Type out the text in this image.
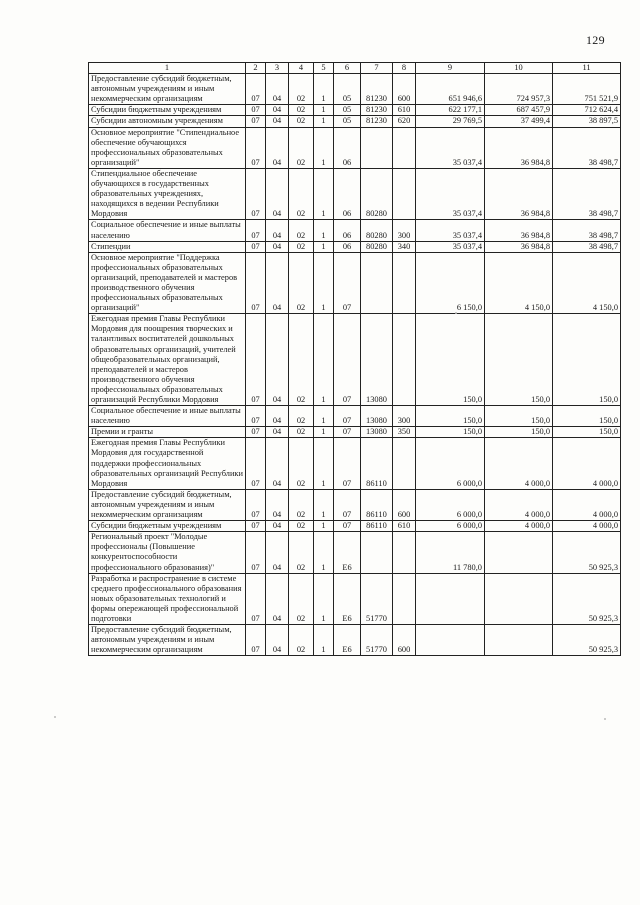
129
1	2	3	4	5	6	7	8	9	10	11
Предоставление субсидий бюджетным, автономным учреждениям и иным некоммерческим организациям	07	04	02	1	05	81230	600	651 946,6	724 957,3	751 521,9
Субсидии бюджетным учреждениям	07	04	02	1	05	81230	610	622 177,1	687 457,9	712 624,4
Субсидии автономным учреждениям	07	04	02	1	05	81230	620	29 769,5	37 499,4	38 897,5
Основное мероприятие "Стипендиальное обеспечение обучающихся профессиональных образовательных организаций"	07	04	02	1	06			35 037,4	36 984,8	38 498,7
Стипендиальное обеспечение обучающихся в государственных образовательных учреждениях, находящихся в ведении Республики Мордовия	07	04	02	1	06	80280		35 037,4	36 984,8	38 498,7
Социальное обеспечение и иные выплаты населению	07	04	02	1	06	80280	300	35 037,4	36 984,8	38 498,7
Стипендии	07	04	02	1	06	80280	340	35 037,4	36 984,8	38 498,7
Основное мероприятие "Поддержка профессиональных образовательных организаций, преподавателей и мастеров производственного обучения профессиональных образовательных организаций"	07	04	02	1	07			6 150,0	4 150,0	4 150,0
Ежегодная премия Главы Республики Мордовия для поощрения творческих и талантливых воспитателей дошкольных образовательных организаций, учителей общеобразовательных организаций, преподавателей и мастеров производственного обучения профессиональных образовательных организаций Республики Мордовия	07	04	02	1	07	13080		150,0	150,0	150,0
Социальное обеспечение и иные выплаты населению	07	04	02	1	07	13080	300	150,0	150,0	150,0
Премии и гранты	07	04	02	1	07	13080	350	150,0	150,0	150,0
Ежегодная премия Главы Республики Мордовия для государственной поддержки профессиональных образовательных организаций Республики Мордовия	07	04	02	1	07	86110		6 000,0	4 000,0	4 000,0
Предоставление субсидий бюджетным, автономным учреждениям и иным некоммерческим организациям	07	04	02	1	07	86110	600	6 000,0	4 000,0	4 000,0
Субсидии бюджетным учреждениям	07	04	02	1	07	86110	610	6 000,0	4 000,0	4 000,0
Региональный проект "Молодые профессионалы (Повышение конкурентоспособности профессионального образования)"	07	04	02	1	E6			11 780,0		50 925,3
Разработка и распространение в системе среднего профессионального образования новых образовательных технологий и формы опережающей профессиональной подготовки	07	04	02	1	E6	51770				50 925,3
Предоставление субсидий бюджетным, автономным учреждениям и иным некоммерческим организациям	07	04	02	1	E6	51770	600			50 925,3
